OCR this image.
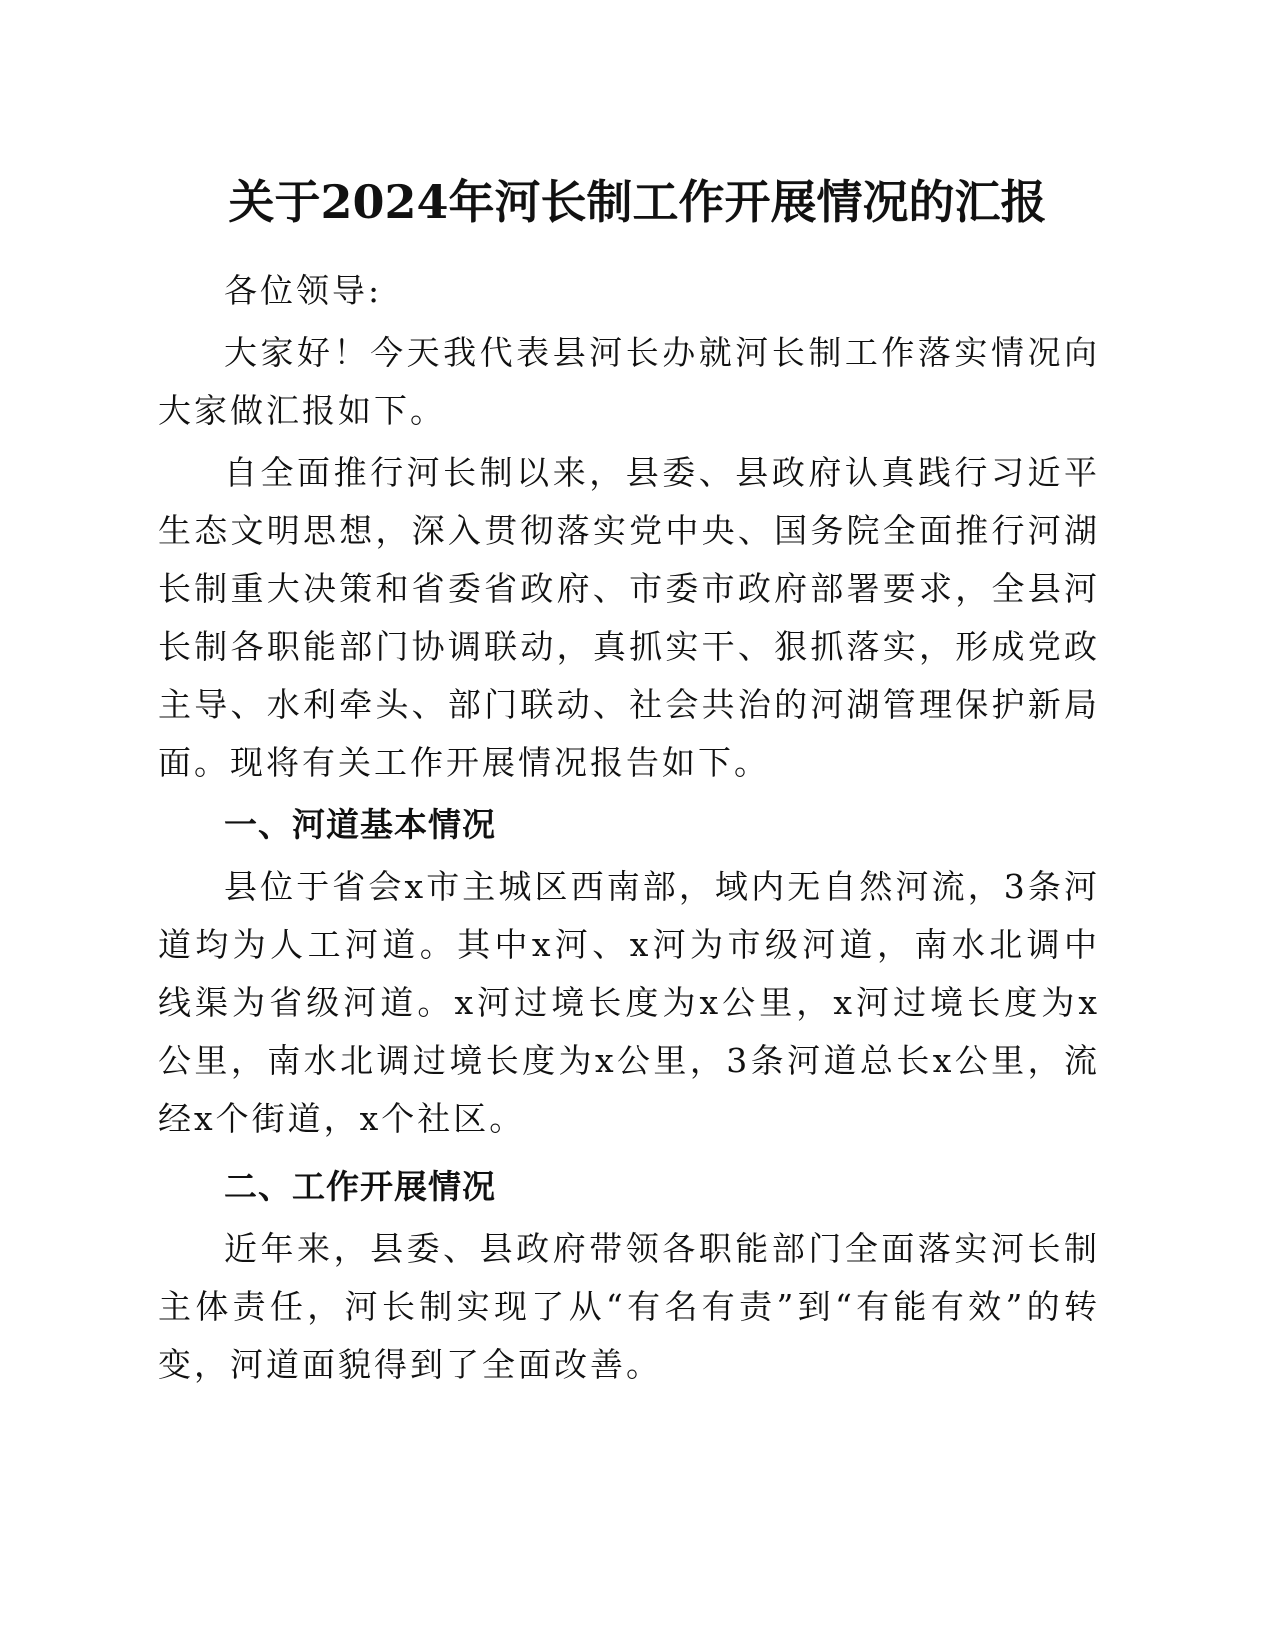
关于2024年河长制工作开展情况的汇报

各位领导:

大家好！今天我代表县河长办就河长制工作落实情况向大家做汇报如下。

自全面推行河长制以来，县委、县政府认真践行习近平生态文明思想，深入贯彻落实党中央、国务院全面推行河湖长制重大决策和省委省政府、市委市政府部署要求，全县河长制各职能部门协调联动，真抓实干、狠抓落实，形成党政主导、水利牵头、部门联动、社会共治的河湖管理保护新局面。现将有关工作开展情况报告如下。

一、河道基本情况

县位于省会x市主城区西南部，域内无自然河流，3条河道均为人工河道。其中x河、x河为市级河道，南水北调中线渠为省级河道。x河过境长度为x公里，x河过境长度为x公里，南水北调过境长度为x公里，3条河道总长x公里，流经x个街道，x个社区。

二、工作开展情况

近年来，县委、县政府带领各职能部门全面落实河长制主体责任，河长制实现了从“有名有责”到“有能有效”的转变，河道面貌得到了全面改善。
